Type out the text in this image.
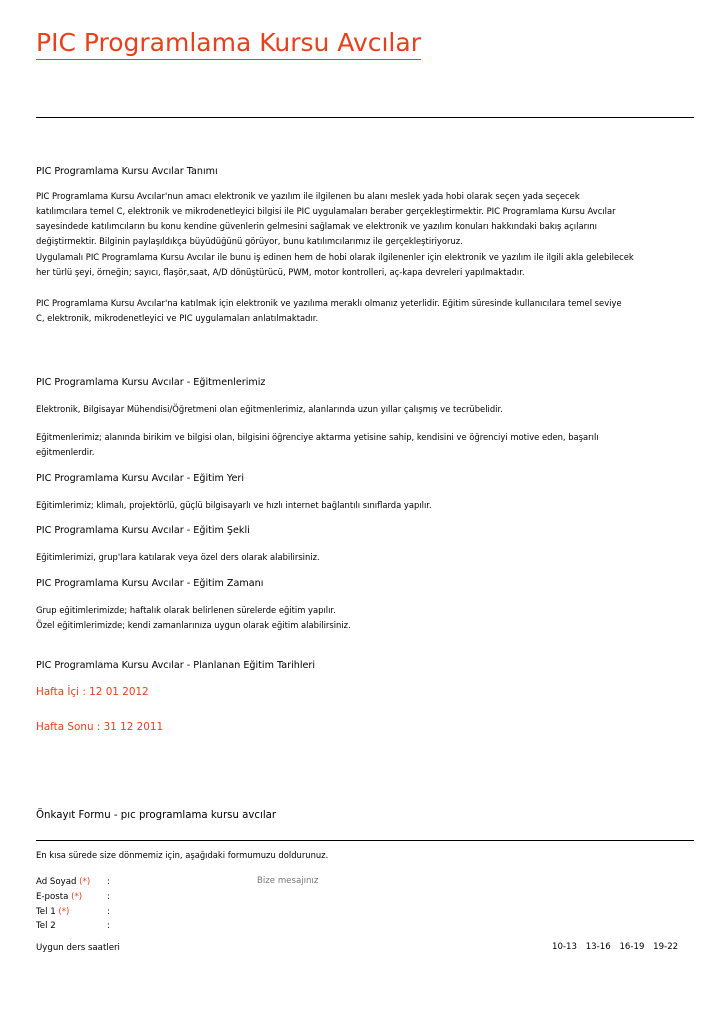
PIC Programlama Kursu Avcılar
PIC Programlama Kursu Avcılar Tanımı
PIC Programlama Kursu Avcılar'nun amacı elektronik ve yazılım ile ilgilenen bu alanı meslek yada hobi olarak seçen yada seçecek
katılımcılara temel C, elektronik ve mikrodenetleyici bilgisi ile PIC uygulamaları beraber gerçekleştirmektir. PIC Programlama Kursu Avcılar
sayesindede katılımcıların bu konu kendine güvenlerin gelmesini sağlamak ve elektronik ve yazılım konuları hakkındaki bakış açılarını
değiştirmektir. Bilginin paylaşıldıkça büyüdüğünü görüyor, bunu katılımcılarımız ile gerçekleştiriyoruz.
Uygulamalı PIC Programlama Kursu Avcılar ile bunu iş edinen hem de hobi olarak ilgilenenler için elektronik ve yazılım ile ilgili akla gelebilecek
her türlü şeyi, örneğin; sayıcı, flaşör,saat, A/D dönüştürücü, PWM, motor kontrolleri, aç-kapa devreleri yapılmaktadır.
PIC Programlama Kursu Avcılar'na katılmak için elektronik ve yazılıma meraklı olmanız yeterlidir. Eğitim süresinde kullanıcılara temel seviye
C, elektronik, mikrodenetleyici ve PIC uygulamaları anlatılmaktadır.
PIC Programlama Kursu Avcılar - Eğitmenlerimiz
Elektronik, Bilgisayar Mühendisi/Öğretmeni olan eğitmenlerimiz, alanlarında uzun yıllar çalışmış ve tecrübelidir.
Eğitmenlerimiz; alanında birikim ve bilgisi olan, bilgisini öğrenciye aktarma yetisine sahip, kendisini ve öğrenciyi motive eden, başarılı
eğitmenlerdir.
PIC Programlama Kursu Avcılar - Eğitim Yeri
Eğitimlerimiz; klimalı, projektörlü, güçlü bilgisayarlı ve hızlı internet bağlantılı sınıflarda yapılır.
PIC Programlama Kursu Avcılar - Eğitim Şekli
Eğitimlerimizi, grup'lara katılarak veya özel ders olarak alabilirsiniz.
PIC Programlama Kursu Avcılar - Eğitim Zamanı
Grup eğitimlerimizde; haftalık olarak belirlenen sürelerde eğitim yapılır.
Özel eğitimlerimizde; kendi zamanlarınıza uygun olarak eğitim alabilirsiniz.
PIC Programlama Kursu Avcılar - Planlanan Eğitim Tarihleri
Hafta İçi : 12 01 2012
Hafta Sonu : 31 12 2011
Önkayıt Formu - pıc programlama kursu avcılar
En kısa sürede size dönmemiz için, aşağıdaki formumuzu doldurunuz.
Ad Soyad (*) :	Bize mesajınız
E-posta (*)	:
Tel 1 (*)	:
Tel 2	:
Uygun ders saatleri	10-13 13-16 16-19 19-22
